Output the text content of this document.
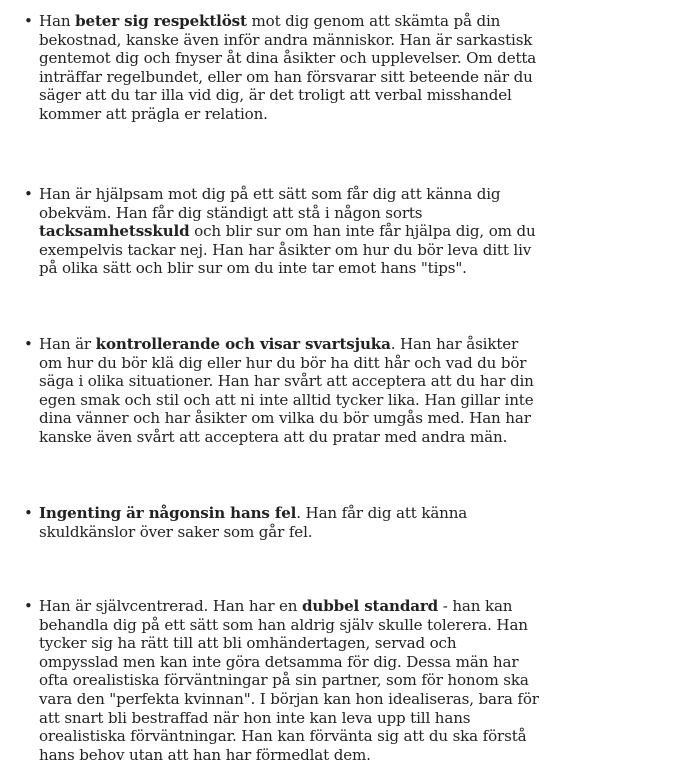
• Han beter sig respektlöst mot dig genom att skämta på din bekostnad, kanske även inför andra människor. Han är sarkastisk gentemot dig och fnyser åt dina åsikter och upplevelser. Om detta inträffar regelbundet, eller om han försvarar sitt beteende när du säger att du tar illa vid dig, är det troligt att verbal misshandel kommer att prägla er relation.
• Han är hjälpsam mot dig på ett sätt som får dig att känna dig obekväm. Han får dig ständigt att stå i någon sorts tacksamhetsskuld och blir sur om han inte får hjälpa dig, om du exempelvis tackar nej. Han har åsikter om hur du bör leva ditt liv på olika sätt och blir sur om du inte tar emot hans "tips".
• Han är kontrollerande och visar svartsjuka. Han har åsikter om hur du bör klä dig eller hur du bör ha ditt hår och vad du bör säga i olika situationer. Han har svårt att acceptera att du har din egen smak och stil och att ni inte alltid tycker lika. Han gillar inte dina vänner och har åsikter om vilka du bör umgås med. Han har kanske även svårt att acceptera att du pratar med andra män.
• Ingenting är någonsin hans fel. Han får dig att känna skuldkänslor över saker som går fel.
• Han är självcentrerad. Han har en dubbel standard - han kan behandla dig på ett sätt som han aldrig själv skulle tolerera. Han tycker sig ha rätt till att bli omhändertagen, servad och ompysslad men kan inte göra detsamma för dig. Dessa män har ofta orealistiska förväntningar på sin partner, som för honom ska vara den "perfekta kvinnan". I början kan hon idealiseras, bara för att snart bli bestraffad när hon inte kan leva upp till hans orealistiska förväntningar. Han kan förvänta sig att du ska förstå hans behov utan att han har förmedlat dem.
